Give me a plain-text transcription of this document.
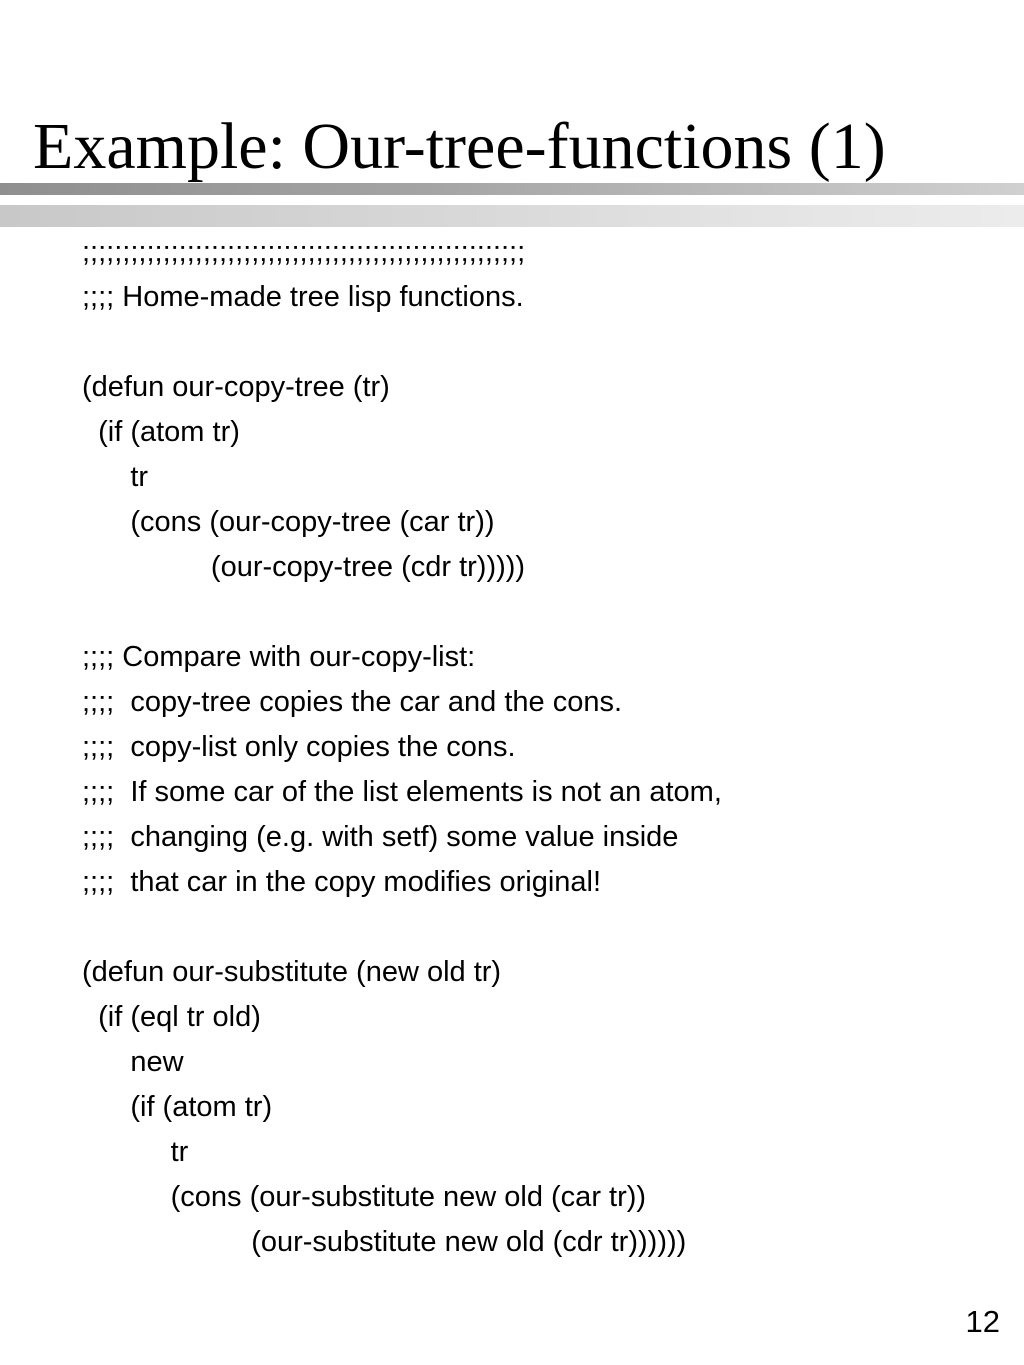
Example: Our-tree-functions (1)
;;;;;;;;;;;;;;;;;;;;;;;;;;;;;;;;;;;;;;;;;;;;;;;;;;;;;;;
;;;; Home-made tree lisp functions.
(defun our-copy-tree (tr)
(if (atom tr)
tr
(cons (our-copy-tree (car tr))
(our-copy-tree (cdr tr)))))
;;;; Compare with our-copy-list:
;;;;  copy-tree copies the car and the cons.
;;;;  copy-list only copies the cons.
;;;;  If some car of the list elements is not an atom,
;;;;  changing (e.g. with setf) some value inside
;;;;  that car in the copy modifies original!
(defun our-substitute (new old tr)
(if (eql tr old)
new
(if (atom tr)
tr
(cons (our-substitute new old (car tr))
(our-substitute new old (cdr tr))))))
12
